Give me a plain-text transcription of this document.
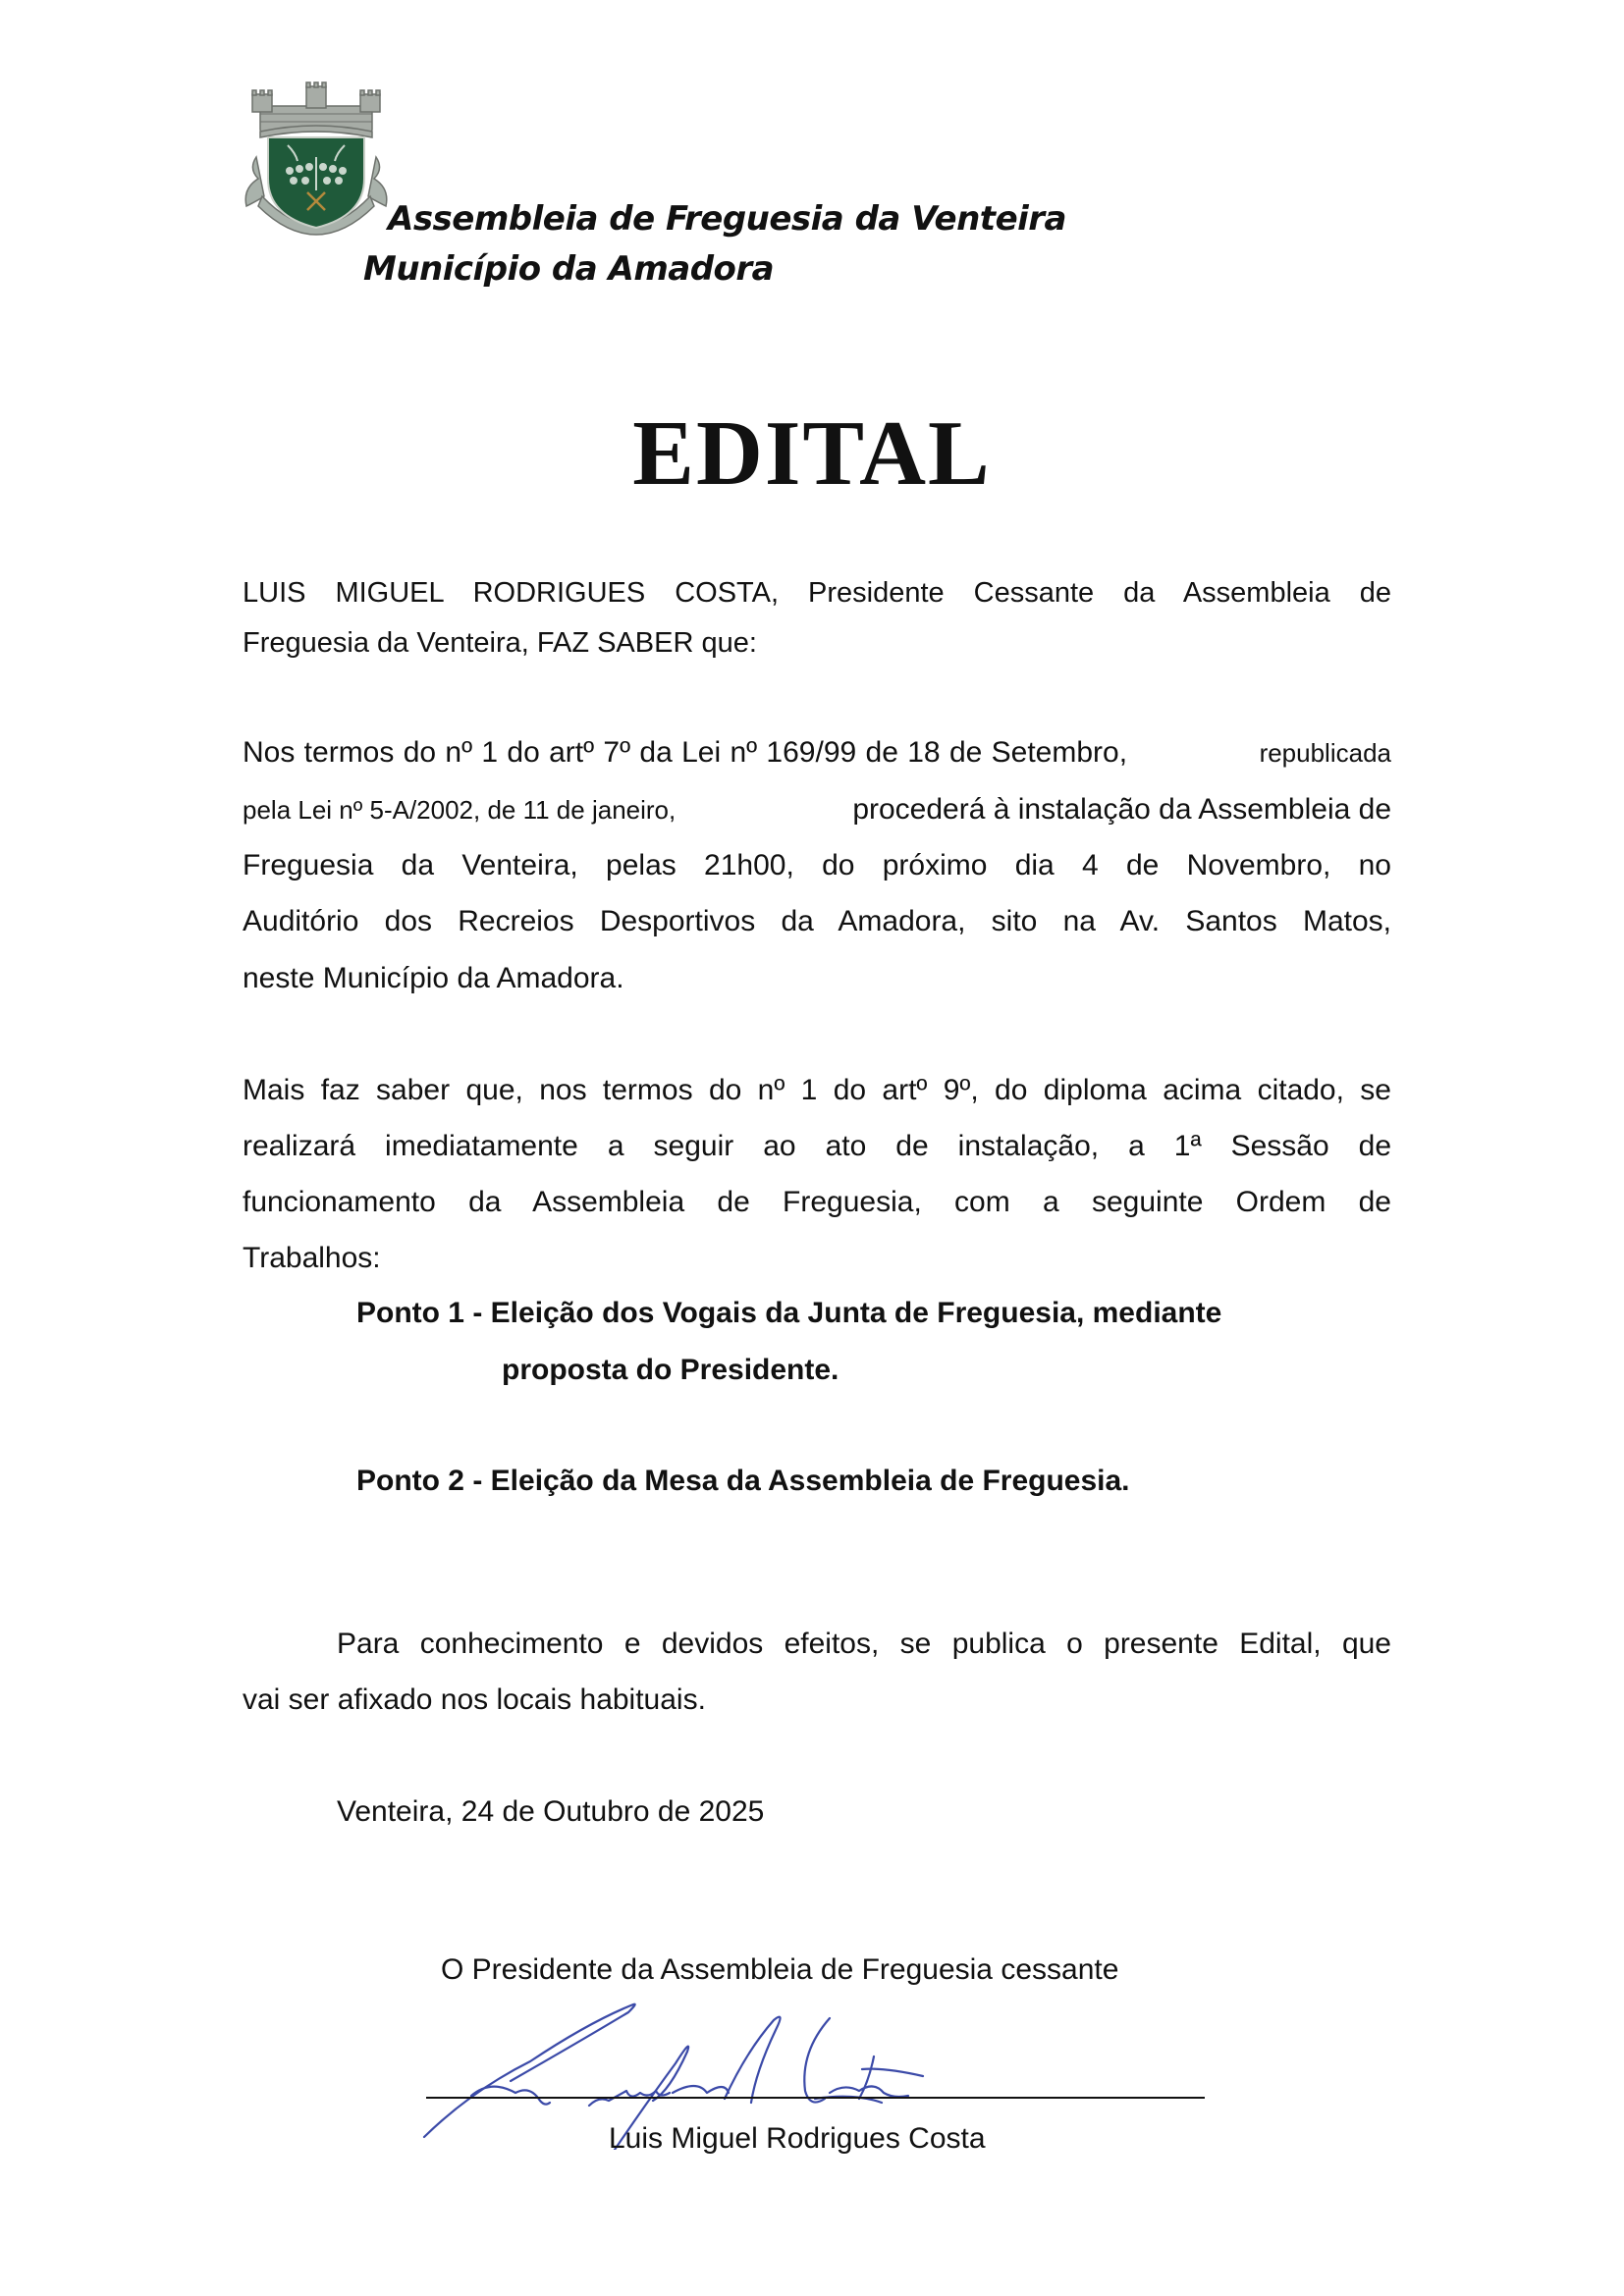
Assembleia de Freguesia da Venteira
Município da Amadora
EDITAL
LUIS MIGUEL RODRIGUES COSTA, Presidente Cessante da Assembleia de
Freguesia da Venteira, FAZ SABER que:
Nos termos do nº 1 do artº 7º da Lei nº 169/99 de 18 de Setembro,	republicada
pela Lei nº 5-A/2002, de 11 de janeiro,	procederá à instalação da Assembleia de
Freguesia da Venteira, pelas 21h00, do próximo dia 4 de Novembro, no
Auditório dos Recreios Desportivos da Amadora, sito na Av. Santos Matos,
neste Município da Amadora.
Mais faz saber que, nos termos do nº 1 do artº 9º, do diploma acima citado, se
realizará imediatamente a seguir ao ato de instalação, a 1ª Sessão de
funcionamento da Assembleia de Freguesia, com a seguinte Ordem de
Trabalhos:
Ponto 1 - Eleição dos Vogais da Junta de Freguesia, mediante
proposta do Presidente.
Ponto 2 - Eleição da Mesa da Assembleia de Freguesia.
Para conhecimento e devidos efeitos, se publica o presente Edital, que
vai ser afixado nos locais habituais.
Venteira, 24 de Outubro de 2025
O Presidente da Assembleia de Freguesia cessante
Luis Miguel Rodrigues Costa
